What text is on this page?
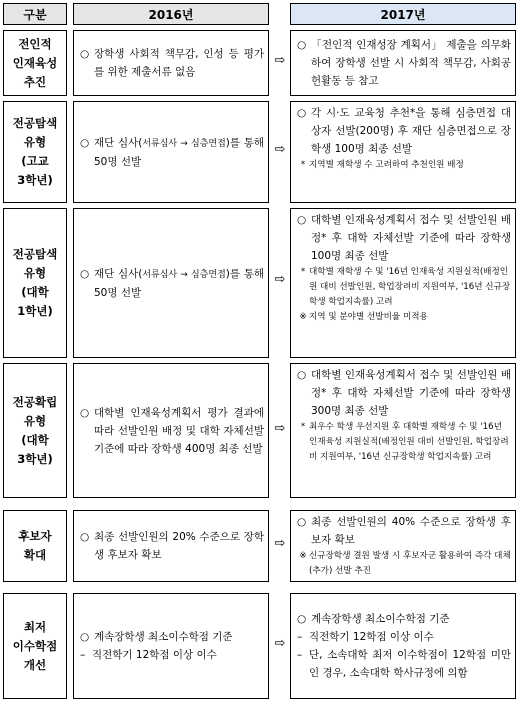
구분	2016년	2017년
전인적
인재육성
추진
○ 장학생 사회적 책무감, 인성 등 평가를 위한 제출서류 없음
⇨
○ 「전인적 인재성장 계획서」 제출을 의무화하여 장학생 선발 시 사회적 책무감, 사회공헌활동 등 참고
전공탐색
유형
(고교
3학년)
○ 재단 심사(서류심사 → 심층면접)를 통해 50명 선발
⇨
○ 각 시·도 교육청 추천*을 통해 심층면접 대상자 선발(200명) 후 재단 심층면접으로 장학생 100명 최종 선발
* 지역별 재학생 수 고려하여 추천인원 배정
전공탐색
유형
(대학
1학년)
○ 재단 심사(서류심사 → 심층면접)를 통해 50명 선발
⇨
○ 대학별 인재육성계획서 접수 및 선발인원 배정* 후 대학 자체선발 기준에 따라 장학생 100명 최종 선발
* 대학별 재학생 수 및 '16년 인재육성 지원실적(배정인원 대비 선발인원, 학업장려비 지원여부, '16년 신규장학생 학업지속률) 고려
※ 지역 및 분야별 선발비율 미적용
전공확립
유형
(대학
3학년)
○ 대학별 인재육성계획서 평가 결과에 따라 선발인원 배정 및 대학 자체선발기준에 따라 장학생 400명 최종 선발
⇨
○ 대학별 인재육성계획서 접수 및 선발인원 배정* 후 대학 자체선발 기준에 따라 장학생 300명 최종 선발
* 최우수 학생 우선지원 후 대학별 재학생 수 및 '16년 인재육성 지원실적(배정인원 대비 선발인원, 학업장려비 지원여부, '16년 신규장학생 학업지속률) 고려
후보자
확대
○ 최종 선발인원의 20% 수준으로 장학생 후보자 확보
⇨
○ 최종 선발인원의 40% 수준으로 장학생 후보자 확보
※ 신규장학생 결원 발생 시 후보자군 활용하여 즉각 대체(추가) 선발 추진
최저
이수학점
개선
○ 계속장학생 최소이수학점 기준
– 직전학기 12학점 이상 이수
⇨
○ 계속장학생 최소이수학점 기준
– 직전학기 12학점 이상 이수
– 단, 소속대학 최저 이수학점이 12학점 미만인 경우, 소속대학 학사규정에 의함
